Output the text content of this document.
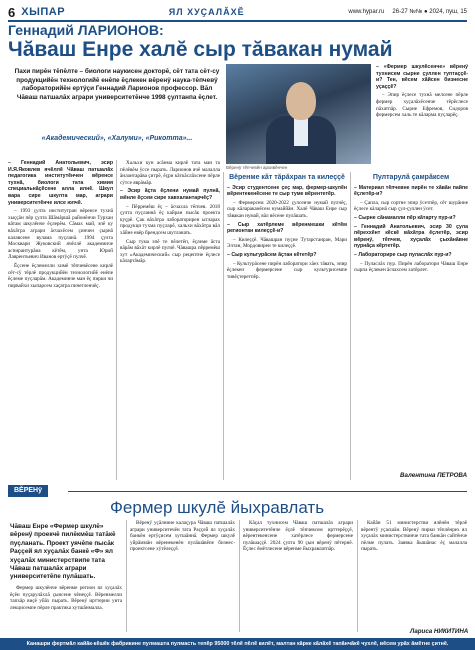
6 ХЫПАР	ЯЛ ХУҪАЛӐХӖ	www.hypar.ru 26-27 №№ ● 2024, пуш, 15
Геннадий ЛАРИОНОВ:
Чăваш Енре халĕ сыр тăвакан нумай
Пахи пирĕн тĕпĕлте – биологи наукисен докторĕ, сĕт тата сĕт-су продукцийĕн технологийĕ енĕпе ĕçлекен вĕренÿ наука-тĕпчевÿ лабораторийĕн ертÿçи Геннадий Ларионов профессор. Вăл Чăваш патшалăх аграри университетĕнче 1998 çултанпа ĕçлет.
«Академический», «Халуми», «Рикотта»...
Вĕренÿ тĕпчевĕн архивĕнчен

– «Фермер шкулĕсенче» вĕренÿ тухнисем сырне çуллен туптаççĕ-и? Тен, вĕсем хăйсен бизнесне уçаççĕ?

– Эпир ĕçлесе тухнă мелсене пĕрле фермер хуçалăхĕсенче тĕрĕслесе пăхатпăр. Сырне Ефремов, Сидоров фермерсем халь те кăларма пуçларĕç.

– Геннадий Анатольевич, эсир И.Я.Яковлев ячĕллĕ Чăваш патшалăх педагогика институтĕнчен вĕренсе тухнă, биологи тата химия специальнăçĕсене алла илнĕ. Шкул вара сире шкулта мар, аграри университетĕнче илсе юлчĕ.

– 1993 çулта институтран вĕренсе тухнă хыççăн пĕр çулта Шăмăршă районĕнчи Турхан вăтам шкулĕнче ĕçлерĕм. Сăмах май, эпĕ ку вăхăтра аграри ăсчахĕсем çинчен çырнă калавсене вулама пуçланă. 1994 çулта Москвари Жуковский ячĕллĕ академинче аспирантурăна кĕтĕм, унта Юрий Лаврентьевич Иванов ертÿçĕ пулчĕ.

Ĕçсене ĕçлемелли химĕ тĕпчевĕсене кирлĕ сĕт-сÿ тĕрлĕ продукцийĕн технологийĕ енĕпе ĕçлеме пуçларăм. Академинче ман ĕç пирки чи пирвайхи хыпарсем хаçатра пичетленчĕç.

Хальхи кун асăнма кирлĕ тата ман та пĕлĕвĕм ÿссе пырать. Ларионов ячĕ малалла ăнлантарăва çитрĕ, ĕçри кăткăслăхсене пĕрле сÿтсе яврăмăр.

– Эсир ăçта ĕçлени нумай пулнă, мĕнле ĕçсем сире хавхалантарчĕç?

– Пĕрремĕш ĕç – ăсчахла тĕпчев. 2018 çулта пуçланнă ĕç кайран пысăк проекта куçрĕ. Çак вăхăтра лабораторирен ытларах продукци тухма пуçларĕ, хальхи вăхăтра вăл хăйне евĕр брендсем шутланать.

Сыр тума эпĕ те пĕлетĕп, ĕçлеме ăста вăрăм вăхăт кирлĕ пулчĕ. Чăвашра пĕрремĕш хут «Академический» сыр рецептне ĕçлесе кăлартăмăр.

Вĕренме кăт тăрăхран та килеççĕ

– Эсир студентсене çеç мар, фермер-шкулĕн вĕрентекенĕсене те сыр туме вĕрентетĕр.

– Фермерсем 2020-2022 çулсенче нумай пулчĕç, сыр кăлараканĕсем нумаййăн. Халĕ Чăваш Енре сыр тăвакан нумай, вăл вĕсене пулăшать.

– Сыр хатĕрлеме вĕренмешки кĕтĕм регионтан килеççĕ-и?

– Килеççĕ. Чăвашран пуçне Тутарстанран, Мари Элтан, Мордовирен те килеççĕ.

– Сыр культурăсем ăçтан кĕтетĕр?

– Культурăсене пирĕн лаборатори хăех тăвать, эпир ĕçлекен фермерсене сыр культурисемпе тивĕçтеретпĕр.

Пултарулă çамрăксем

– Материал тĕпчевне пирĕн те хăвăн пайпе ĕçлетĕр-и?

– Çапла, сыр сортне эпир ÿсетпĕр, сĕт шурăнне ĕçлесе кăларнă сыр çул-çуллен ÿсет.

– Сырне сăнамалли пĕр кăтарту пур-и?

– Геннадий Анатольевич, эсир 30 çула пĕреххĕнт кĕскĕ вăхăтра ĕçлетĕр, эсир вĕренÿ, тĕпчев, хуçалăх çыхăнăвне пурнăçа кĕртетĕр.

– Лабораторире сыр пуласлăх пур-и?

– Пуласлăх пур. Пирĕн лаборатори Чăваш Енре сырпа ĕçлекен ăсчахсем хатĕрлет.

Валентина ПЕТРОВА
ВĔРЕНÿ
Фермер шкулĕ йыхравлать
Чăваш Енре «Фермер шкулĕ» вĕренÿ проекчĕ пилĕкмĕш татăкĕ пуçланать. Проект уячĕпе пысăк Раççей ял хуçалăх банкĕ «Ф» ял хуçалăх министерствипе тата Чăваш патшалăх аграри университетĕпе пулăшать.

Фермер шкулĕнче вĕренме регион ял хуçалăх ĕçĕн пуçарулăхлă çынсене чĕнеççĕ. Вĕренмелли тапхăр виçĕ уйăх пырать. Вĕренÿ ирттерни унта лекцисемпе пĕрле практика хутшăнмалла.

Вĕренÿ уçăлнине калаçура Чăваш патшалăх аграри университечĕн тата Раççей ял хуçалăх банкĕн ертÿçисем хутшăннă. Фермер шкулĕ уйрăммăн вĕренекенĕн пулăшăвĕпе бизнес-проектсене хÿтĕлеççĕ.

Кăçал тухнисем Чăваш патшалăх аграри университетĕнче ĕçлĕ тĕпчевсем ирттерĕççĕ, вĕрентекенсене хатĕрлесе фермерсене пулăшаççĕ. 2024 çулта 90 çын вĕренÿ пĕтернĕ. Ĕçлес ĕмĕтлисене вĕренме йыхравлатпăр.

Кайăн 51 министерстви ялĕнĕн тĕрлĕ вĕрентÿ уçасшăн. Вĕренÿ пирки тĕплĕнрех ял хуçалăх министерствинче тата банкăн сайтĕнче пĕлме пулать. Заявка йышăнас ĕç малалла пырать.

Лариса НИКИТИНА
Канашри фертмăл кайăк-кĕшĕк фабрикине пулмашта пулмасть тепĕр 95000 тĕлĕ пĕлĕ килĕт, малтан кăрке кăлăхĕ тапăнчăкĕ чухлĕ, вĕсем урăх ăмĕтне çитнĕ.
